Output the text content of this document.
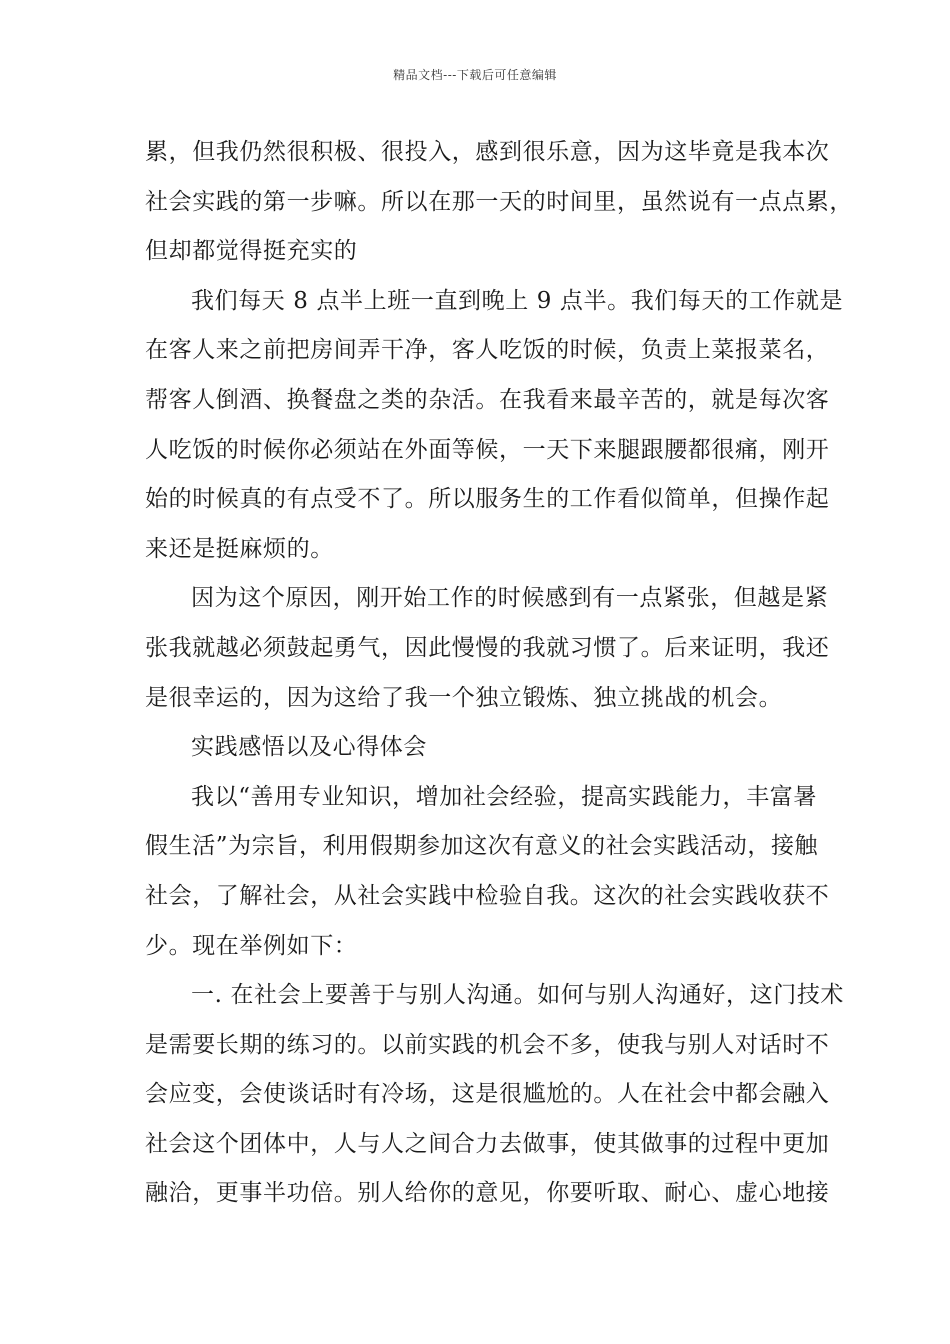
精品文档---下载后可任意编辑
累，但我仍然很积极、很投入，感到很乐意，因为这毕竟是我本次
社会实践的第一步嘛。所以在那一天的时间里，虽然说有一点点累，
但却都觉得挺充实的
我们每天 8 点半上班一直到晚上 9 点半。我们每天的工作就是
在客人来之前把房间弄干净，客人吃饭的时候，负责上菜报菜名，
帮客人倒酒、换餐盘之类的杂活。在我看来最辛苦的，就是每次客
人吃饭的时候你必须站在外面等候，一天下来腿跟腰都很痛，刚开
始的时候真的有点受不了。所以服务生的工作看似简单，但操作起
来还是挺麻烦的。
因为这个原因，刚开始工作的时候感到有一点紧张，但越是紧
张我就越必须鼓起勇气，因此慢慢的我就习惯了。后来证明，我还
是很幸运的，因为这给了我一个独立锻炼、独立挑战的机会。
实践感悟以及心得体会
我以“善用专业知识，增加社会经验，提高实践能力，丰富暑
假生活”为宗旨，利用假期参加这次有意义的社会实践活动，接触
社会，了解社会，从社会实践中检验自我。这次的社会实践收获不
少。现在举例如下：
一. 在社会上要善于与别人沟通。如何与别人沟通好，这门技术
是需要长期的练习的。以前实践的机会不多，使我与别人对话时不
会应变，会使谈话时有冷场，这是很尴尬的。人在社会中都会融入
社会这个团体中，人与人之间合力去做事，使其做事的过程中更加
融洽，更事半功倍。别人给你的意见，你要听取、耐心、虚心地接
